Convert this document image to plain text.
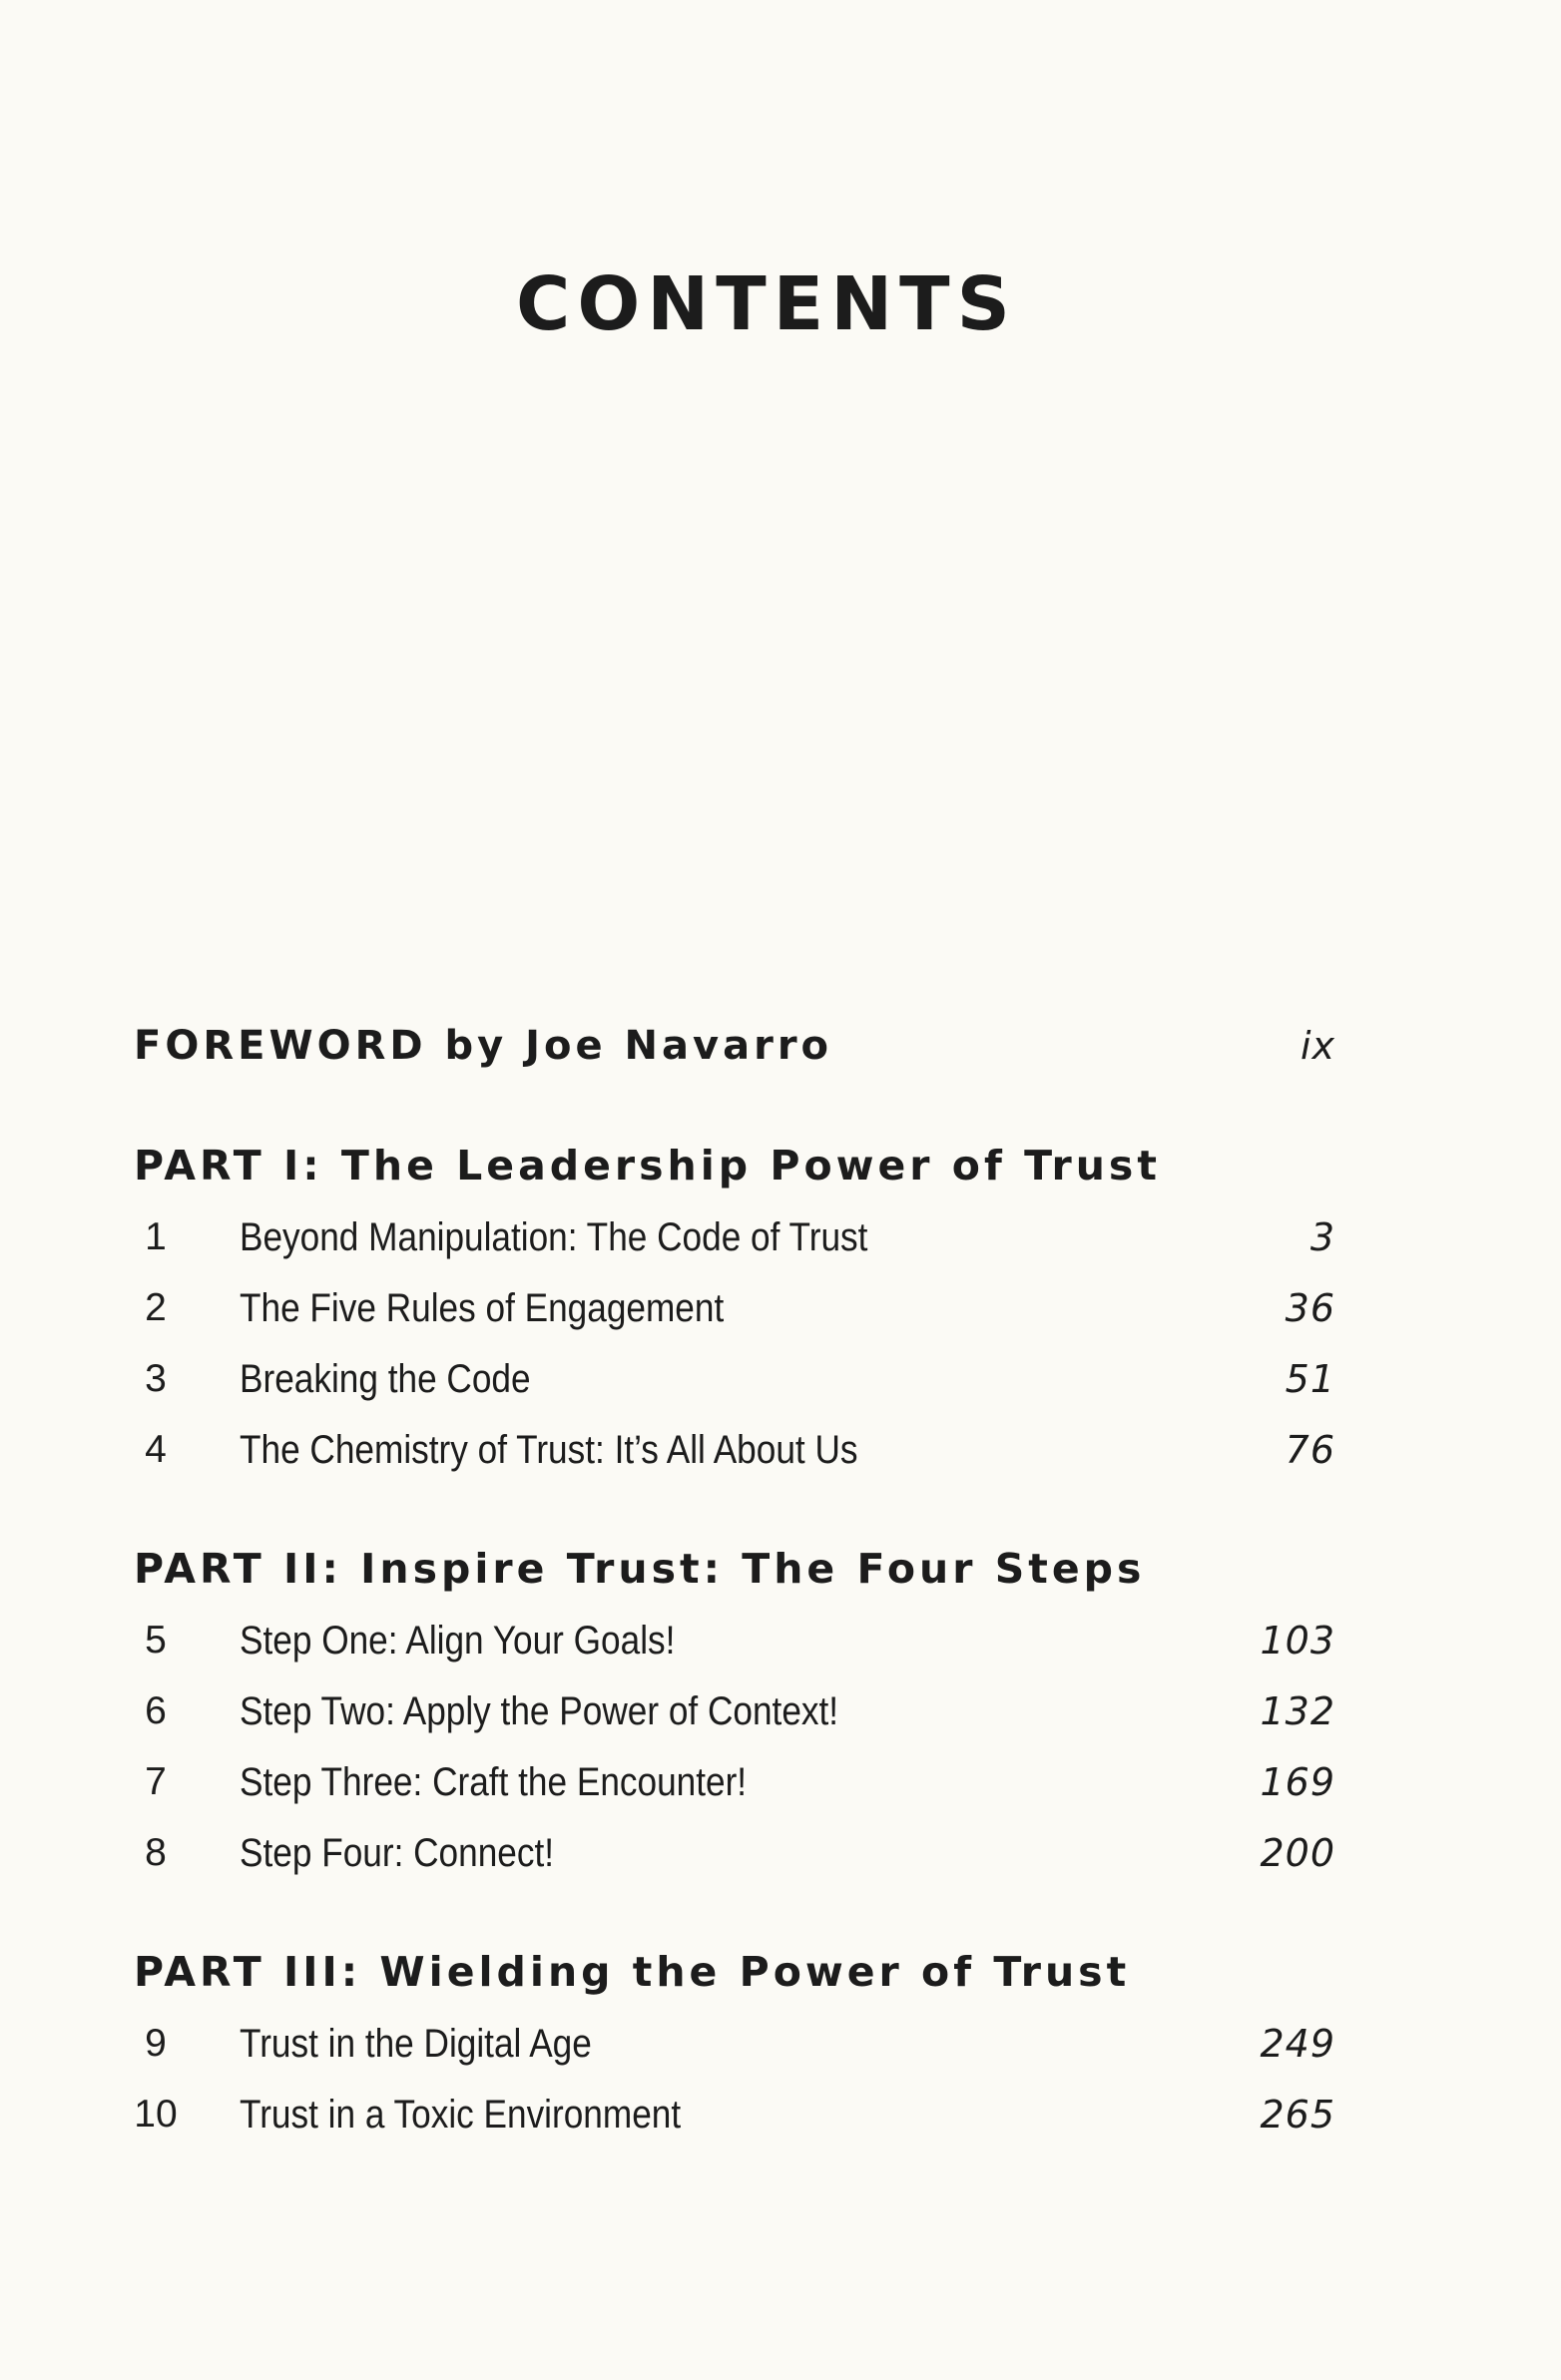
CONTENTS
FOREWORD by Joe Navarro	ix
PART I: The Leadership Power of Trust
1 Beyond Manipulation: The Code of Trust	3
2 The Five Rules of Engagement	36
3 Breaking the Code	51
4 The Chemistry of Trust: It’s All About Us	76
PART II: Inspire Trust: The Four Steps
5 Step One: Align Your Goals!	103
6 Step Two: Apply the Power of Context!	132
7 Step Three: Craft the Encounter!	169
8 Step Four: Connect!	200
PART III: Wielding the Power of Trust
9 Trust in the Digital Age	249
10 Trust in a Toxic Environment	265
